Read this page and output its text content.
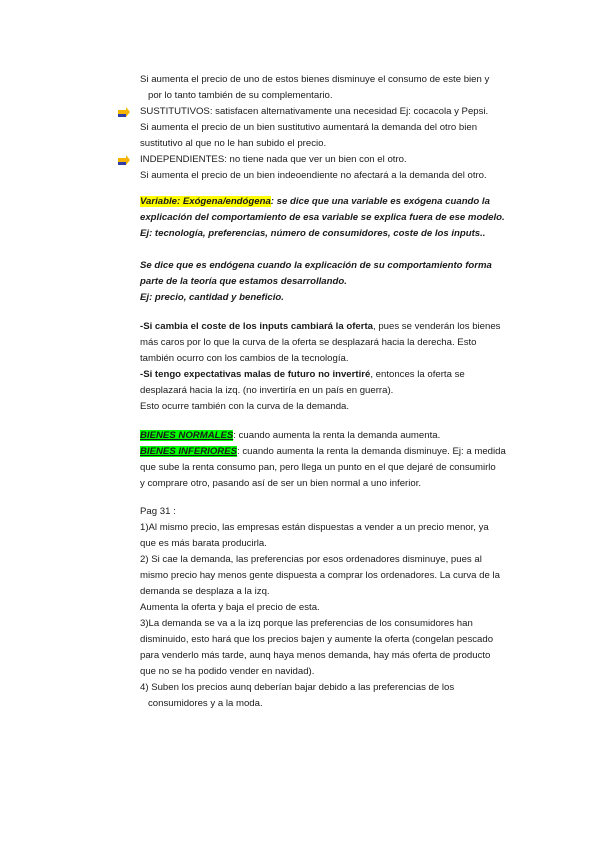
Si aumenta el precio de uno de estos bienes disminuye el consumo de este bien y
por lo tanto también de su complementario.
SUSTITUTIVOS: satisfacen alternativamente una necesidad Ej: cocacola y Pepsi.
Si aumenta el precio de un bien sustitutivo aumentará la demanda del otro bien
sustitutivo al que no le han subido el precio.
INDEPENDIENTES: no tiene nada que ver un bien con el otro.
Si aumenta el precio de un bien indeoendiente no afectará a la demanda del otro.
Variable: Exógena/endógena: se dice que una variable es exógena cuando la
explicación del comportamiento de esa variable se explica fuera de ese modelo.
Ej: tecnología, preferencias, número de consumidores, coste de los inputs..
Se dice que es endógena cuando la explicación de su comportamiento forma
parte de la teoría que estamos desarrollando.
Ej: precio, cantidad y beneficio.
-Si cambia el coste de los inputs cambiará la oferta, pues se venderán los bienes
más caros por lo que la curva de la oferta se desplazará hacia la derecha. Esto
también ocurro con los cambios de la tecnología.
-Si tengo expectativas malas de futuro no invertiré, entonces la oferta se
desplazará hacia la izq. (no invertiría en un país en guerra).
Esto ocurre también con la curva de la demanda.
BIENES NORMALES: cuando aumenta la renta la demanda aumenta.
BIENES INFERIORES: cuando aumenta la renta la demanda disminuye. Ej: a medida
que sube la renta consumo pan, pero llega un punto en el que dejaré de consumirlo
y comprare otro, pasando así de ser un bien normal a uno inferior.
Pag 31 :
1)Al mismo precio, las empresas están dispuestas a vender a un precio menor, ya
que es más barata producirla.
2) Si cae la demanda, las preferencias por esos ordenadores disminuye, pues al
mismo precio hay menos gente dispuesta a comprar los ordenadores. La curva de la
demanda se desplaza a la izq.
Aumenta la oferta y baja el precio de esta.
3)La demanda se va a la izq porque las preferencias de los consumidores han
disminuido, esto hará que los precios bajen y aumente la oferta (congelan pescado
para venderlo más tarde, aunq haya menos demanda, hay más oferta de producto
que no se ha podido vender en navidad).
4) Suben los precios aunq deberían bajar debido a las preferencias de los
consumidores y a la moda.
